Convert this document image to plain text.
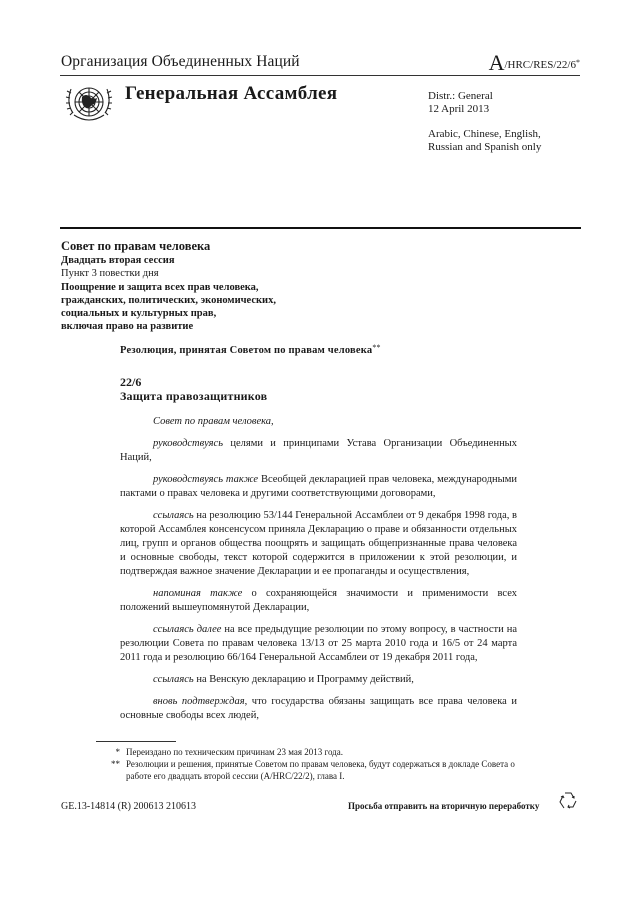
Организация Объединенных Наций	A/HRC/RES/22/6*
Генеральная Ассамблея	Distr.: General
12 April 2013
Arabic, Chinese, English,
Russian and Spanish only
Совет по правам человека
Двадцать вторая сессия
Пункт 3 повестки дня
Поощрение и защита всех прав человека,
гражданских, политических, экономических,
социальных и культурных прав,
включая право на развитие
Резолюция, принятая Советом по правам человека**
22/6
Защита правозащитников

Совет по правам человека,

руководствуясь целями и принципами Устава Организации Объединенных Наций,

руководствуясь также Всеобщей декларацией прав человека, международными пактами о правах человека и другими соответствующими договорами,

ссылаясь на резолюцию 53/144 Генеральной Ассамблеи от 9 декабря 1998 года, в которой Ассамблея консенсусом приняла Декларацию о праве и обязанности отдельных лиц, групп и органов общества поощрять и защищать общепризнанные права человека и основные свободы, текст которой содержится в приложении к этой резолюции, и подтверждая важное значение Декларации и ее пропаганды и осуществления,

напоминая также о сохраняющейся значимости и применимости всех положений вышеупомянутой Декларации,

ссылаясь далее на все предыдущие резолюции по этому вопросу, в частности на резолюции Совета по правам человека 13/13 от 25 марта 2010 года и 16/5 от 24 марта 2011 года и резолюцию 66/164 Генеральной Ассамблеи от 19 декабря 2011 года,

ссылаясь на Венскую декларацию и Программу действий,

вновь подтверждая, что государства обязаны защищать все права человека и основные свободы всех людей,

* Переиздано по техническим причинам 23 мая 2013 года.
** Резолюции и решения, принятые Советом по правам человека, будут содержаться в докладе Совета о работе его двадцать второй сессии (A/HRC/22/2), глава I.
GE.13-14814 (R) 200613 210613	Просьба отправить на вторичную переработку
